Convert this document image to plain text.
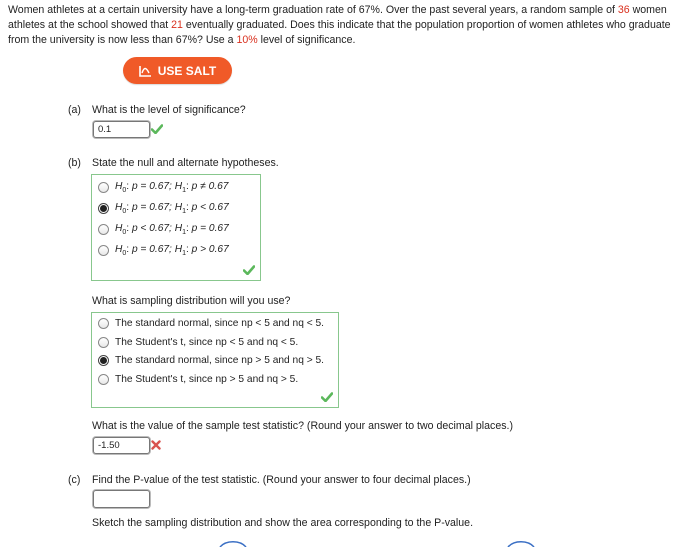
Women athletes at a certain university have a long-term graduation rate of 67%. Over the past several years, a random sample of 36 women athletes at the school showed that 21 eventually graduated. Does this indicate that the population proportion of women athletes who graduate from the university is now less than 67%? Use a 10% level of significance.
USE SALT
(a) What is the level of significance?
0.1
(b) State the null and alternate hypotheses.
$H_0$: p = 0.67; $H_1$: p ≠ 0.67
$H_0$: p = 0.67; $H_1$: p < 0.67
$H_0$: p < 0.67; $H_1$: p = 0.67
$H_0$: p = 0.67; $H_1$: p > 0.67
What is sampling distribution will you use?
The standard normal, since np < 5 and nq < 5.
The Student's t, since np < 5 and nq < 5.
The standard normal, since np > 5 and nq > 5.
The Student's t, since np > 5 and nq > 5.
What is the value of the sample test statistic? (Round your answer to two decimal places.)
-1.50
(c) Find the P-value of the test statistic. (Round your answer to four decimal places.)
Sketch the sampling distribution and show the area corresponding to the P-value.
